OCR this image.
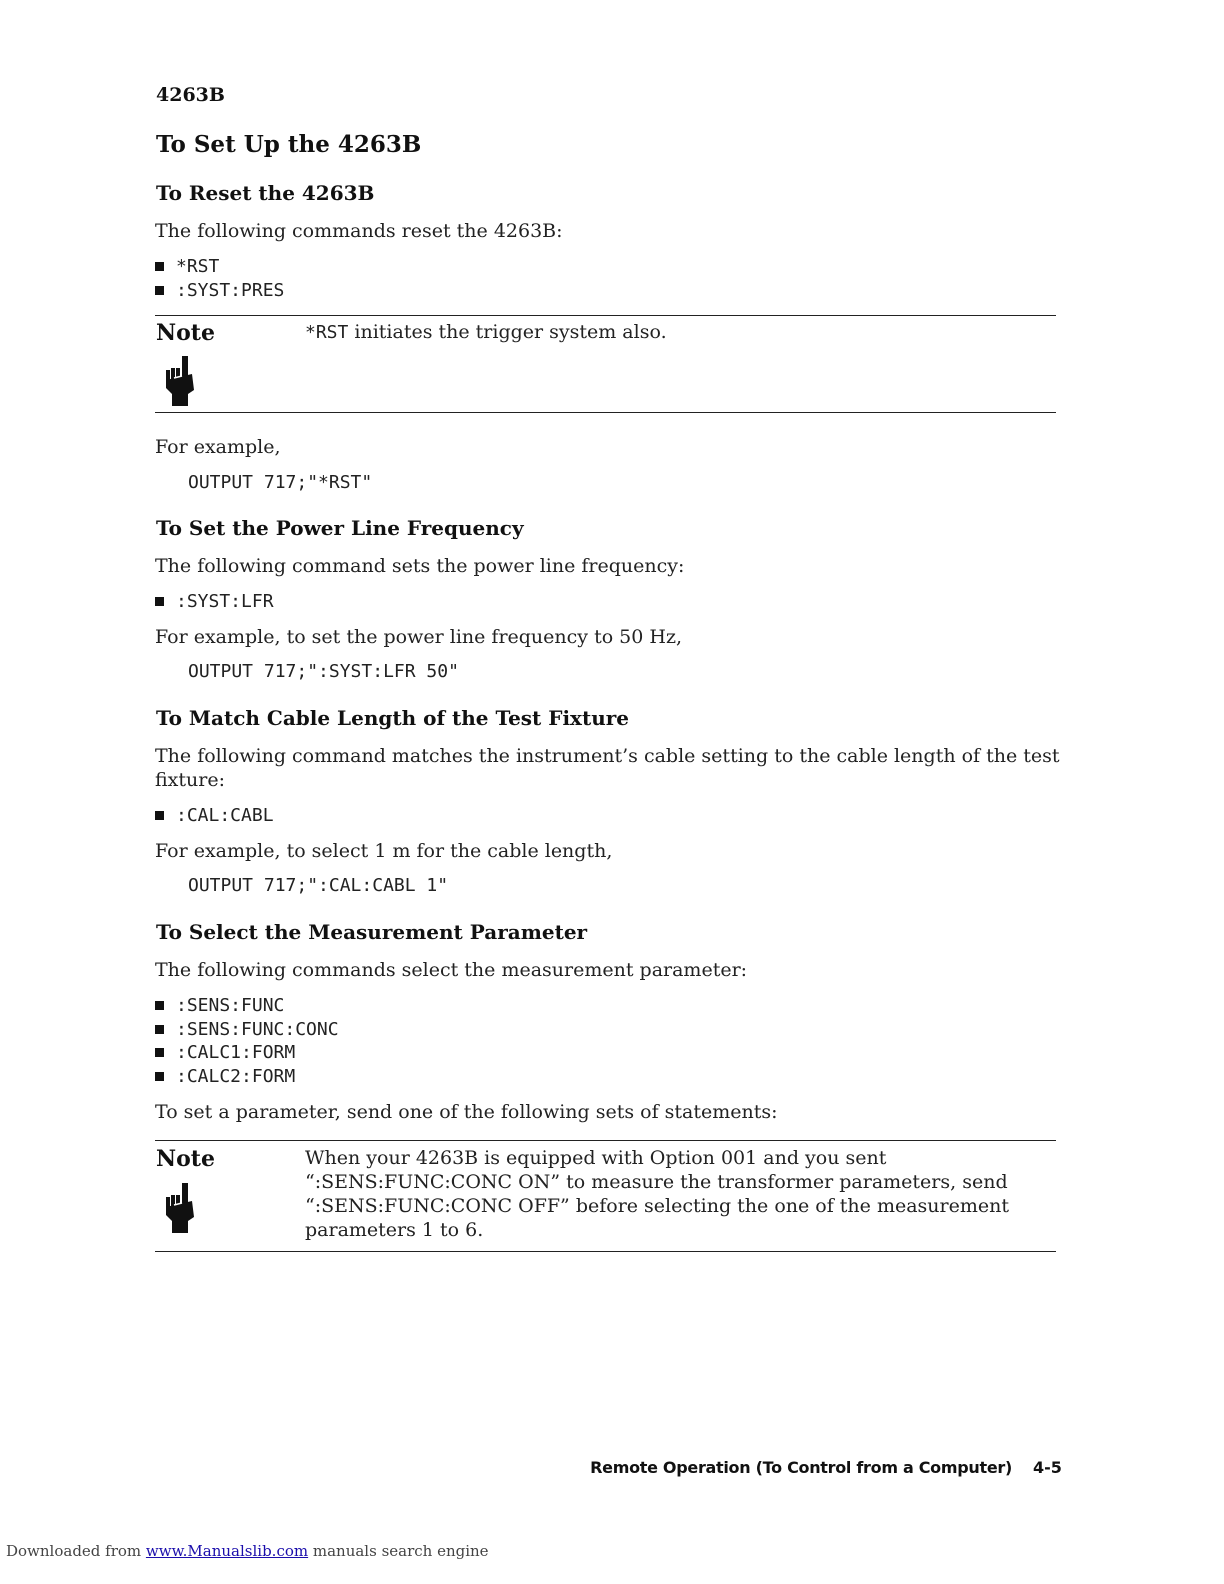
4263B
To Set Up the 4263B
To Reset the 4263B
The following commands reset the 4263B:
*RST
:SYST:PRES
Note	*RST initiates the trigger system also.
For example,
OUTPUT 717;"*RST"
To Set the Power Line Frequency
The following command sets the power line frequency:
:SYST:LFR
For example, to set the power line frequency to 50 Hz,
OUTPUT 717;":SYST:LFR 50"
To Match Cable Length of the Test Fixture
The following command matches the instrument’s cable setting to the cable length of the test
fixture:
:CAL:CABL
For example, to select 1 m for the cable length,
OUTPUT 717;":CAL:CABL 1"
To Select the Measurement Parameter
The following commands select the measurement parameter:
:SENS:FUNC
:SENS:FUNC:CONC
:CALC1:FORM
:CALC2:FORM
To set a parameter, send one of the following sets of statements:
Note	When your 4263B is equipped with Option 001 and you sent
“:SENS:FUNC:CONC ON” to measure the transformer parameters, send
“:SENS:FUNC:CONC OFF” before selecting the one of the measurement
parameters 1 to 6.
Remote Operation (To Control from a Computer) 4-5
Downloaded from www.Manualslib.com manuals search engine
